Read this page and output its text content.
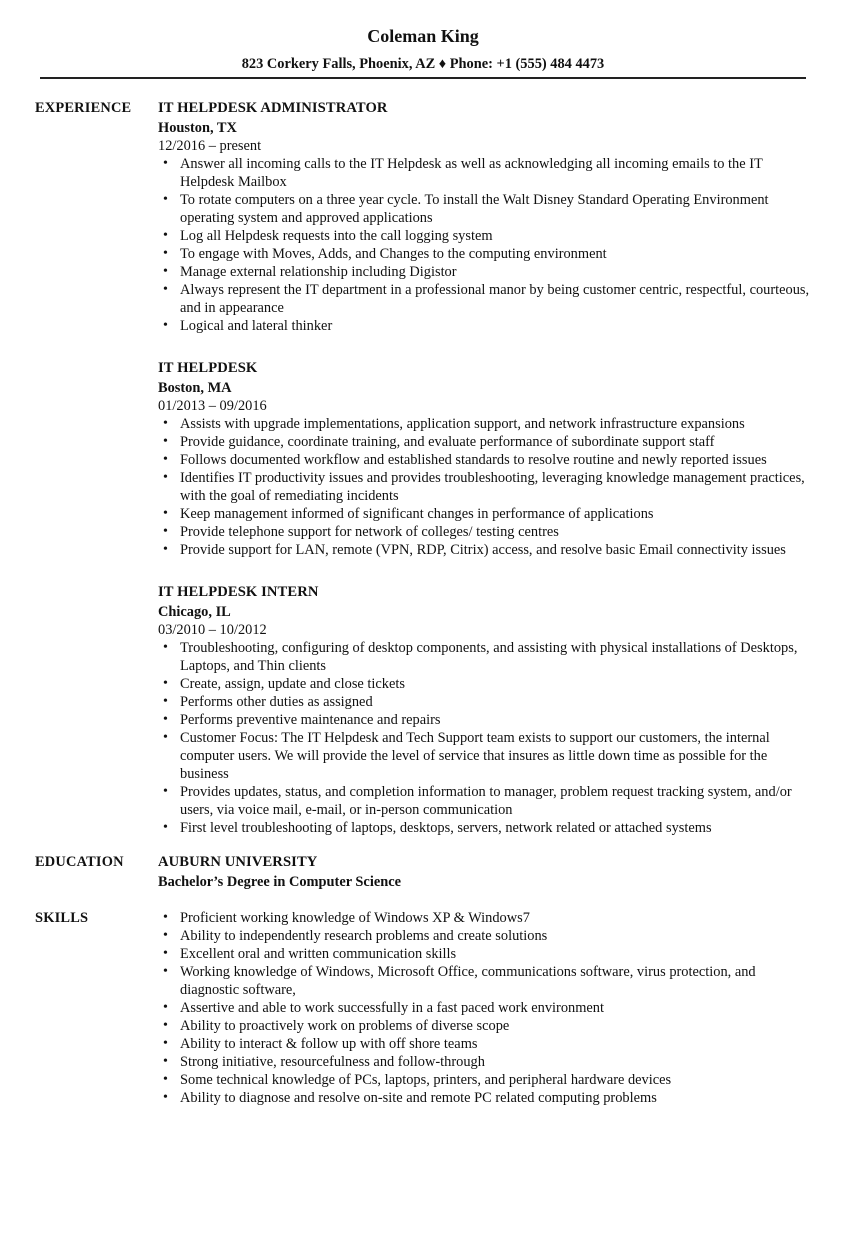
Coleman King
823 Corkery Falls, Phoenix, AZ ♦ Phone: +1 (555) 484 4473
EXPERIENCE IT HELPDESK ADMINISTRATOR
Houston, TX
12/2016 – present
• Answer all incoming calls to the IT Helpdesk as well as acknowledging all incoming emails to the IT Helpdesk Mailbox
• To rotate computers on a three year cycle. To install the Walt Disney Standard Operating Environment operating system and approved applications
• Log all Helpdesk requests into the call logging system
• To engage with Moves, Adds, and Changes to the computing environment
• Manage external relationship including Digistor
• Always represent the IT department in a professional manor by being customer centric, respectful, courteous, and in appearance
• Logical and lateral thinker
IT HELPDESK
Boston, MA
01/2013 – 09/2016
• Assists with upgrade implementations, application support, and network infrastructure expansions
• Provide guidance, coordinate training, and evaluate performance of subordinate support staff
• Follows documented workflow and established standards to resolve routine and newly reported issues
• Identifies IT productivity issues and provides troubleshooting, leveraging knowledge management practices, with the goal of remediating incidents
• Keep management informed of significant changes in performance of applications
• Provide telephone support for network of colleges/ testing centres
• Provide support for LAN, remote (VPN, RDP, Citrix) access, and resolve basic Email connectivity issues
IT HELPDESK INTERN
Chicago, IL
03/2010 – 10/2012
• Troubleshooting, configuring of desktop components, and assisting with physical installations of Desktops, Laptops, and Thin clients
• Create, assign, update and close tickets
• Performs other duties as assigned
• Performs preventive maintenance and repairs
• Customer Focus: The IT Helpdesk and Tech Support team exists to support our customers, the internal computer users. We will provide the level of service that insures as little down time as possible for the business
• Provides updates, status, and completion information to manager, problem request tracking system, and/or users, via voice mail, e-mail, or in-person communication
• First level troubleshooting of laptops, desktops, servers, network related or attached systems
EDUCATION AUBURN UNIVERSITY
Bachelor’s Degree in Computer Science
SKILLS
•	Proficient working knowledge of Windows XP & Windows7
• Ability to independently research problems and create solutions
• Excellent oral and written communication skills
• Working knowledge of Windows, Microsoft Office, communications software, virus protection, and diagnostic software,
• Assertive and able to work successfully in a fast paced work environment
• Ability to proactively work on problems of diverse scope
• Ability to interact & follow up with off shore teams
• Strong initiative, resourcefulness and follow-through
• Some technical knowledge of PCs, laptops, printers, and peripheral hardware devices
• Ability to diagnose and resolve on-site and remote PC related computing problems
